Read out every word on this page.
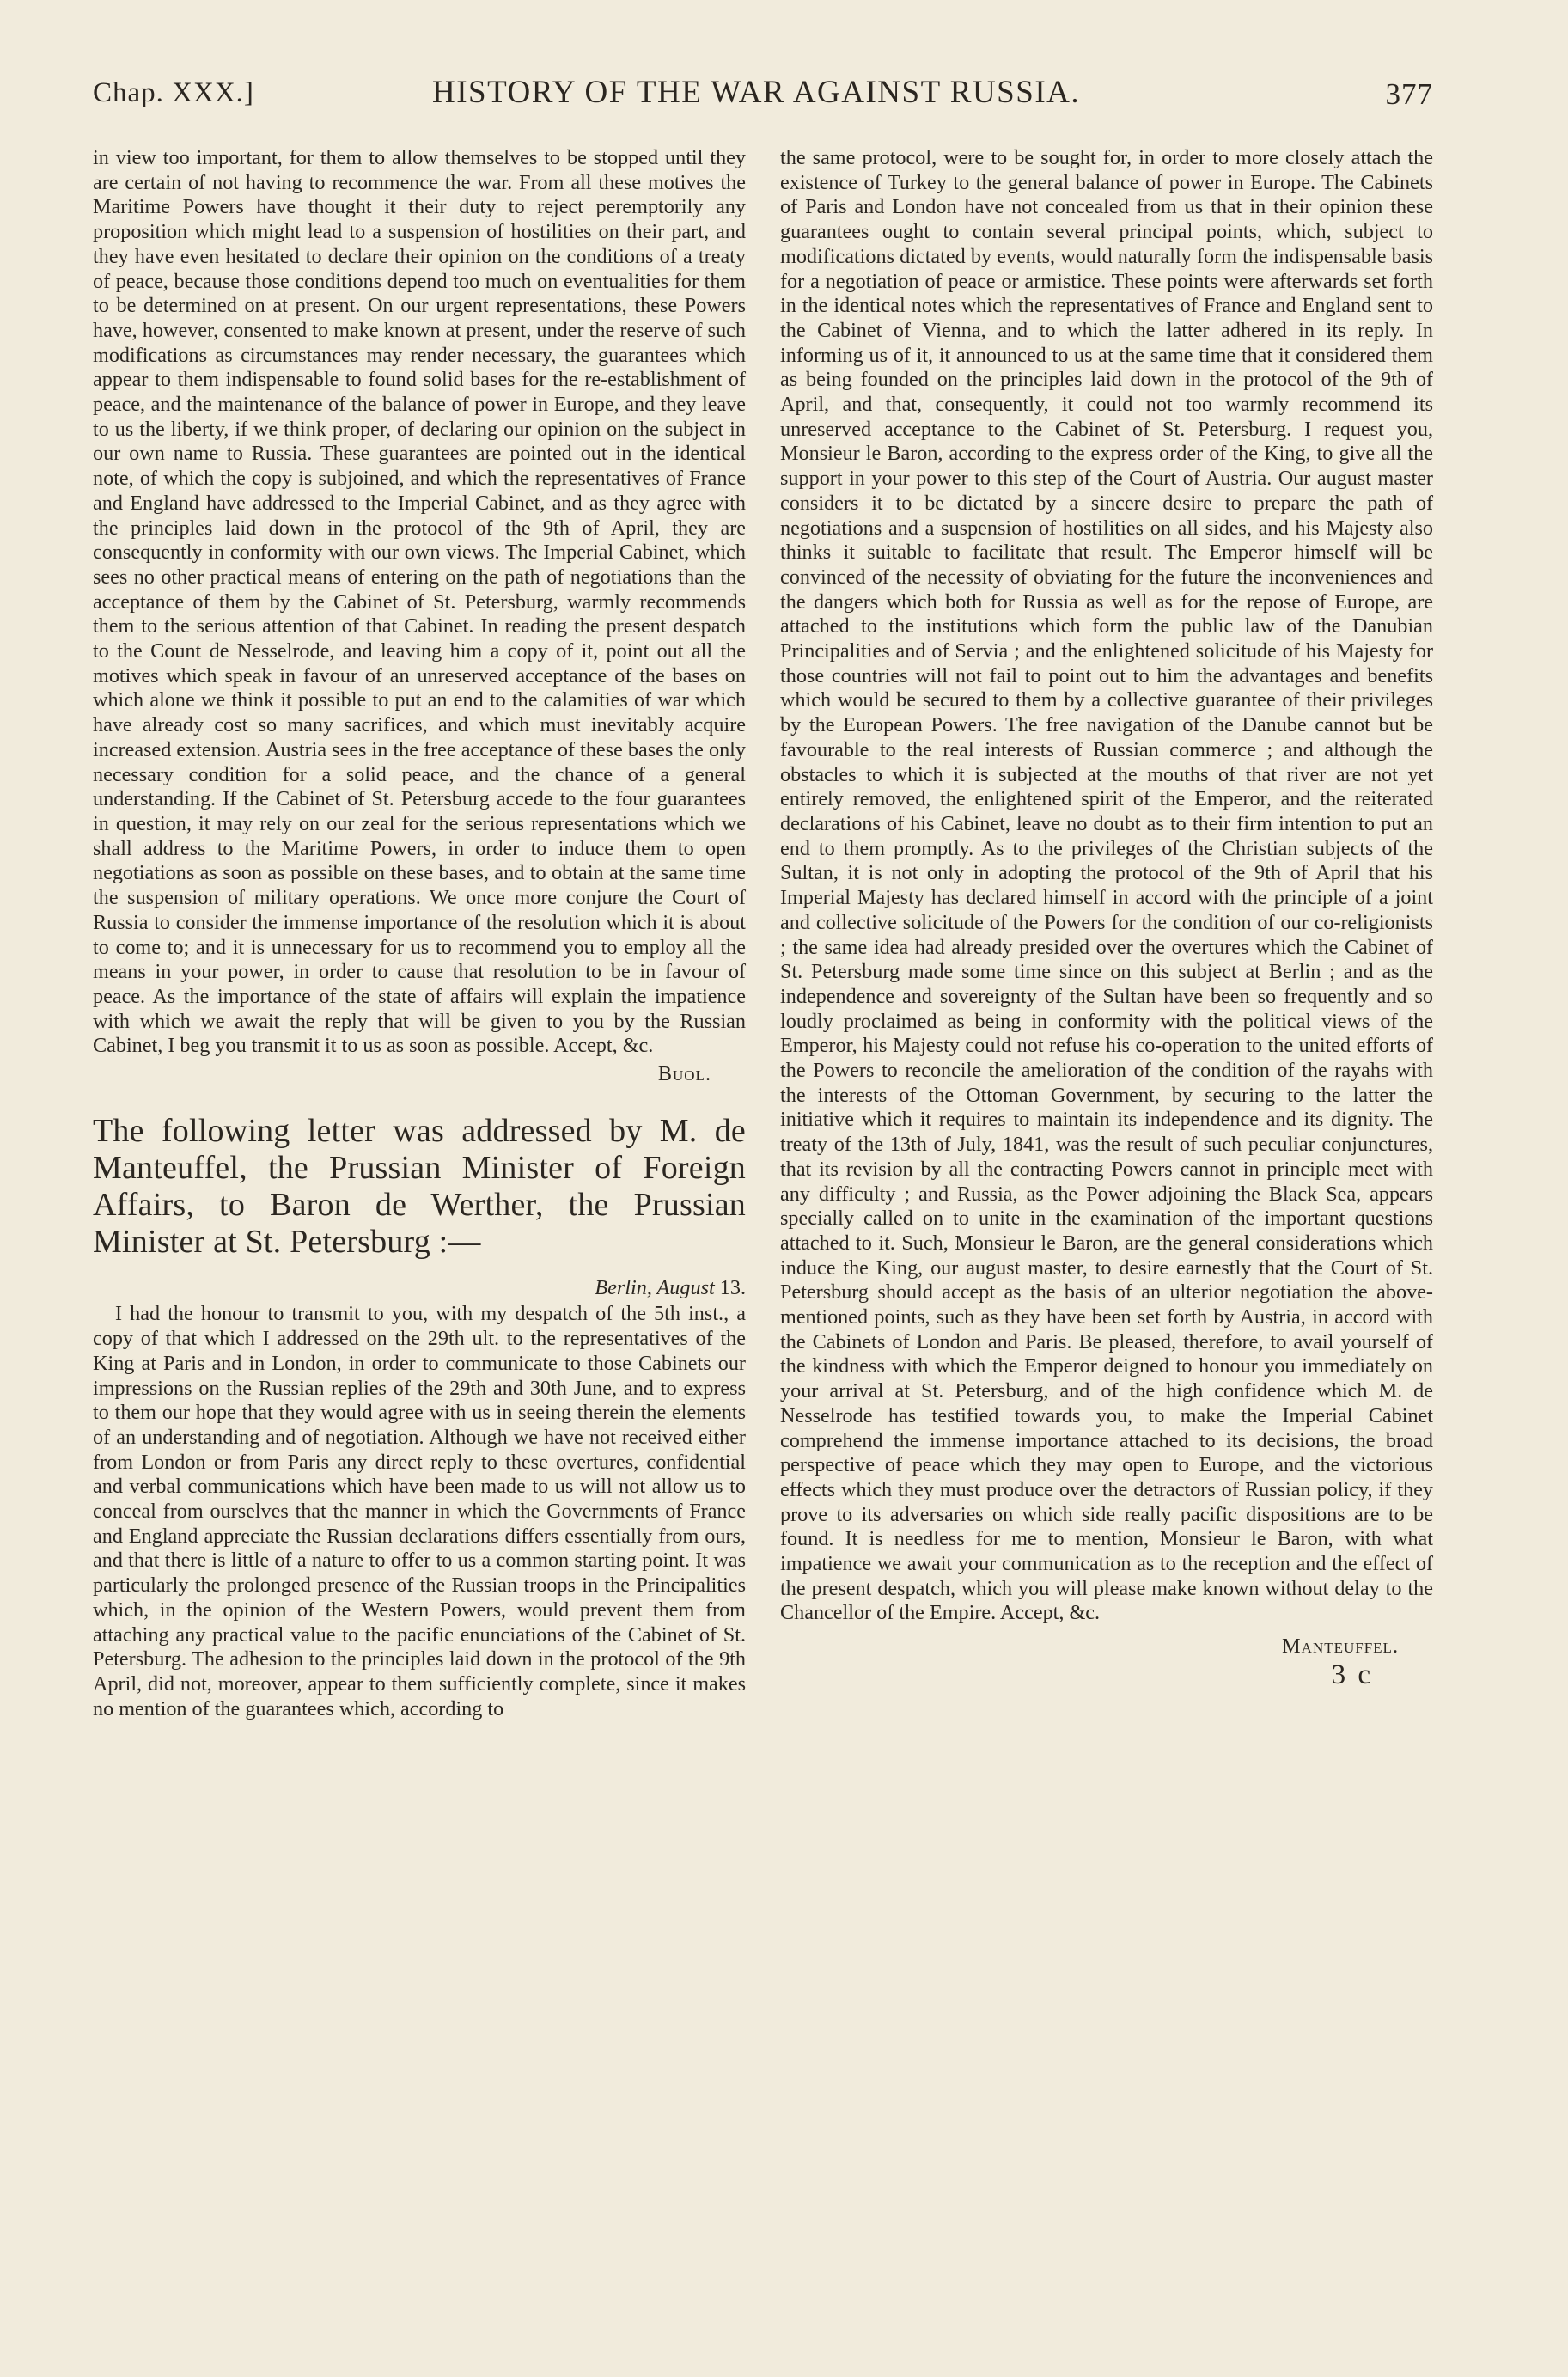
Chap. XXX.]	HISTORY OF THE WAR AGAINST RUSSIA.	377

in view too important, for them to allow themselves to be stopped until they are certain of not having to recommence the war. From all these motives the Maritime Powers have thought it their duty to reject peremptorily any proposition which might lead to a suspension of hostilities on their part, and they have even hesitated to declare their opinion on the conditions of a treaty of peace, because those conditions depend too much on eventualities for them to be determined on at present. On our urgent representations, these Powers have, however, consented to make known at present, under the reserve of such modifications as circumstances may render necessary, the guarantees which appear to them indispensable to found solid bases for the re-establishment of peace, and the maintenance of the balance of power in Europe, and they leave to us the liberty, if we think proper, of declaring our opinion on the subject in our own name to Russia. These guarantees are pointed out in the identical note, of which the copy is subjoined, and which the representatives of France and England have addressed to the Imperial Cabinet, and as they agree with the principles laid down in the protocol of the 9th of April, they are consequently in conformity with our own views. The Imperial Cabinet, which sees no other practical means of entering on the path of negotiations than the acceptance of them by the Cabinet of St. Petersburg, warmly recommends them to the serious attention of that Cabinet. In reading the present despatch to the Count de Nesselrode, and leaving him a copy of it, point out all the motives which speak in favour of an unreserved acceptance of the bases on which alone we think it possible to put an end to the calamities of war which have already cost so many sacrifices, and which must inevitably acquire increased extension. Austria sees in the free acceptance of these bases the only necessary condition for a solid peace, and the chance of a general understanding. If the Cabinet of St. Petersburg accede to the four guarantees in question, it may rely on our zeal for the serious representations which we shall address to the Maritime Powers, in order to induce them to open negotiations as soon as possible on these bases, and to obtain at the same time the suspension of military operations. We once more conjure the Court of Russia to consider the immense importance of the resolution which it is about to come to; and it is unnecessary for us to recommend you to employ all the means in your power, in order to cause that resolution to be in favour of peace. As the importance of the state of affairs will explain the impatience with which we await the reply that will be given to you by the Russian Cabinet, I beg you transmit it to us as soon as possible. Accept, &c.

Buol.
The following letter was addressed by M. de Manteuffel, the Prussian Minister of Foreign Affairs, to Baron de Werther, the Prussian Minister at St. Petersburg :—
Berlin, August 13.

I had the honour to transmit to you, with my despatch of the 5th inst., a copy of that which I addressed on the 29th ult. to the representatives of the King at Paris and in London, in order to communicate to those Cabinets our impressions on the Russian replies of the 29th and 30th June, and to express to them our hope that they would agree with us in seeing therein the elements of an understanding and of negotiation. Although we have not received either from London or from Paris any direct reply to these overtures, confidential and verbal communications which have been made to us will not allow us to conceal from ourselves that the manner in which the Governments of France and England appreciate the Russian declarations differs essentially from ours, and that there is little of a nature to offer to us a common starting point. It was particularly the prolonged presence of the Russian troops in the Principalities which, in the opinion of the Western Powers, would prevent them from attaching any practical value to the pacific enunciations of the Cabinet of St. Petersburg. The adhesion to the principles laid down in the protocol of the 9th April, did not, moreover, appear to them sufficiently complete, since it makes no mention of the guarantees which, according to

the same protocol, were to be sought for, in order to more closely attach the existence of Turkey to the general balance of power in Europe. The Cabinets of Paris and London have not concealed from us that in their opinion these guarantees ought to contain several principal points, which, subject to modifications dictated by events, would naturally form the indispensable basis for a negotiation of peace or armistice. These points were afterwards set forth in the identical notes which the representatives of France and England sent to the Cabinet of Vienna, and to which the latter adhered in its reply. In informing us of it, it announced to us at the same time that it considered them as being founded on the principles laid down in the protocol of the 9th of April, and that, consequently, it could not too warmly recommend its unreserved acceptance to the Cabinet of St. Petersburg. I request you, Monsieur le Baron, according to the express order of the King, to give all the support in your power to this step of the Court of Austria. Our august master considers it to be dictated by a sincere desire to prepare the path of negotiations and a suspension of hostilities on all sides, and his Majesty also thinks it suitable to facilitate that result. The Emperor himself will be convinced of the necessity of obviating for the future the inconveniences and the dangers which both for Russia as well as for the repose of Europe, are attached to the institutions which form the public law of the Danubian Principalities and of Servia ; and the enlightened solicitude of his Majesty for those countries will not fail to point out to him the advantages and benefits which would be secured to them by a collective guarantee of their privileges by the European Powers. The free navigation of the Danube cannot but be favourable to the real interests of Russian commerce ; and although the obstacles to which it is subjected at the mouths of that river are not yet entirely removed, the enlightened spirit of the Emperor, and the reiterated declarations of his Cabinet, leave no doubt as to their firm intention to put an end to them promptly. As to the privileges of the Christian subjects of the Sultan, it is not only in adopting the protocol of the 9th of April that his Imperial Majesty has declared himself in accord with the principle of a joint and collective solicitude of the Powers for the condition of our co-religionists ; the same idea had already presided over the overtures which the Cabinet of St. Petersburg made some time since on this subject at Berlin ; and as the independence and sovereignty of the Sultan have been so frequently and so loudly proclaimed as being in conformity with the political views of the Emperor, his Majesty could not refuse his co-operation to the united efforts of the Powers to reconcile the amelioration of the condition of the rayahs with the interests of the Ottoman Government, by securing to the latter the initiative which it requires to maintain its independence and its dignity. The treaty of the 13th of July, 1841, was the result of such peculiar conjunctures, that its revision by all the contracting Powers cannot in principle meet with any difficulty ; and Russia, as the Power adjoining the Black Sea, appears specially called on to unite in the examination of the important questions attached to it. Such, Monsieur le Baron, are the general considerations which induce the King, our august master, to desire earnestly that the Court of St. Petersburg should accept as the basis of an ulterior negotiation the above-mentioned points, such as they have been set forth by Austria, in accord with the Cabinets of London and Paris. Be pleased, therefore, to avail yourself of the kindness with which the Emperor deigned to honour you immediately on your arrival at St. Petersburg, and of the high confidence which M. de Nesselrode has testified towards you, to make the Imperial Cabinet comprehend the immense importance attached to its decisions, the broad perspective of peace which they may open to Europe, and the victorious effects which they must produce over the detractors of Russian policy, if they prove to its adversaries on which side really pacific dispositions are to be found. It is needless for me to mention, Monsieur le Baron, with what impatience we await your communication as to the reception and the effect of the present despatch, which you will please make known without delay to the Chancellor of the Empire. Accept, &c.

Manteuffel.
3 c
